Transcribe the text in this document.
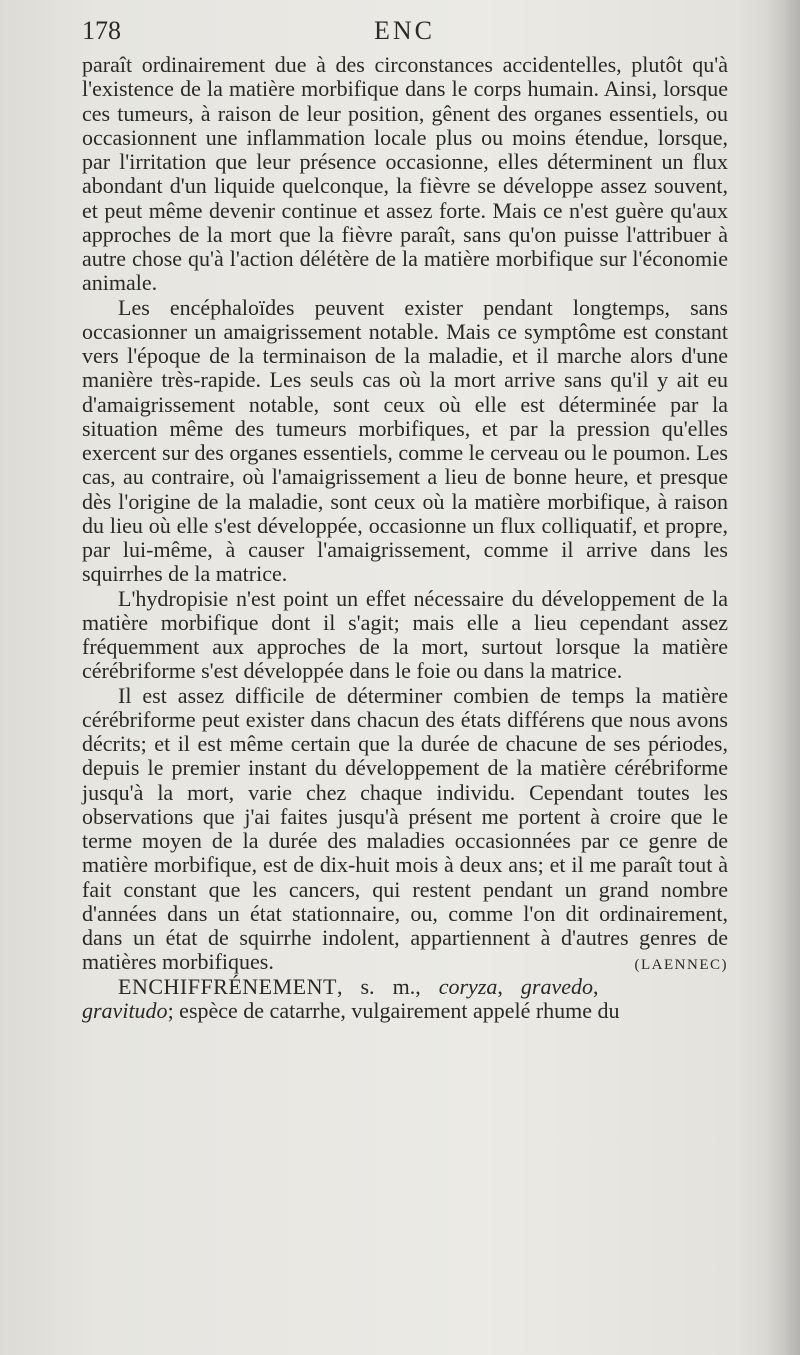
178	ENC

paraît ordinairement due à des circonstances accidentelles, plutôt qu'à l'existence de la matière morbifique dans le corps humain. Ainsi, lorsque ces tumeurs, à raison de leur position, gênent des organes essentiels, ou occasionnent une inflammation locale plus ou moins étendue, lorsque, par l'irritation que leur présence occasionne, elles déterminent un flux abondant d'un liquide quelconque, la fièvre se développe assez souvent, et peut même devenir continue et assez forte. Mais ce n'est guère qu'aux approches de la mort que la fièvre paraît, sans qu'on puisse l'attribuer à autre chose qu'à l'action délétère de la matière morbifique sur l'économie animale.

Les encéphaloïdes peuvent exister pendant longtemps, sans occasionner un amaigrissement notable. Mais ce symptôme est constant vers l'époque de la terminaison de la maladie, et il marche alors d'une manière très-rapide. Les seuls cas où la mort arrive sans qu'il y ait eu d'amaigrissement notable, sont ceux où elle est déterminée par la situation même des tumeurs morbifiques, et par la pression qu'elles exercent sur des organes essentiels, comme le cerveau ou le poumon. Les cas, au contraire, où l'amaigrissement a lieu de bonne heure, et presque dès l'origine de la maladie, sont ceux où la matière morbifique, à raison du lieu où elle s'est développée, occasionne un flux colliquatif, et propre, par lui-même, à causer l'amaigrissement, comme il arrive dans les squirrhes de la matrice.

L'hydropisie n'est point un effet nécessaire du développement de la matière morbifique dont il s'agit; mais elle a lieu cependant assez fréquemment aux approches de la mort, surtout lorsque la matière cérébriforme s'est développée dans le foie ou dans la matrice.

Il est assez difficile de déterminer combien de temps la matière cérébriforme peut exister dans chacun des états différens que nous avons décrits; et il est même certain que la durée de chacune de ses périodes, depuis le premier instant du développement de la matière cérébriforme jusqu'à la mort, varie chez chaque individu. Cependant toutes les observations que j'ai faites jusqu'à présent me portent à croire que le terme moyen de la durée des maladies occasionnées par ce genre de matière morbifique, est de dix-huit mois à deux ans; et il me paraît tout à fait constant que les cancers, qui restent pendant un grand nombre d'années dans un état stationnaire, ou, comme l'on dit ordinairement, dans un état de squirrhe indolent, appartiennent à d'autres genres de matières morbifiques.	(LAENNEC)

ENCHIFFRÉNEMENT, s. m., coryza, gravedo, gravitudo; espèce de catarrhe, vulgairement appelé rhume du
